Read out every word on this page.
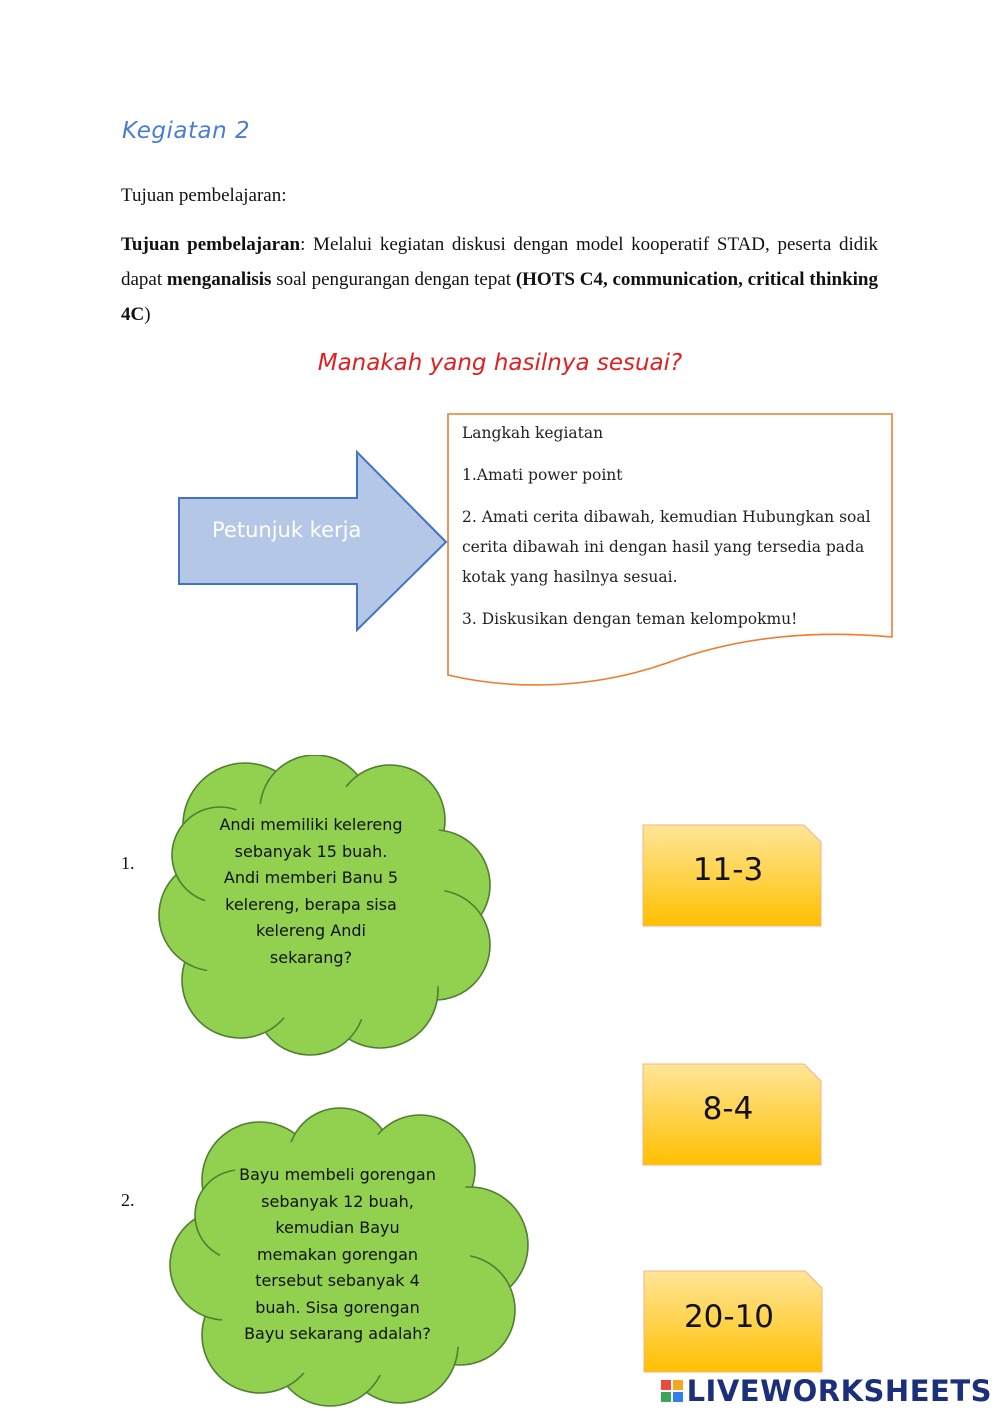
Kegiatan 2
Tujuan pembelajaran:
Tujuan pembelajaran: Melalui kegiatan diskusi dengan model kooperatif STAD, peserta didik dapat menganalisis soal pengurangan dengan tepat (HOTS C4, communication, critical thinking 4C)
Manakah yang hasilnya sesuai?
Petunjuk kerja
Langkah kegiatan
1.Amati power point
2. Amati cerita dibawah, kemudian Hubungkan soal cerita dibawah ini dengan hasil yang tersedia pada kotak yang hasilnya sesuai.
3. Diskusikan dengan teman kelompokmu!
1.
Andi memiliki kelereng
sebanyak 15 buah.
Andi memberi Banu 5
kelereng, berapa sisa
kelereng Andi
sekarang?
2.
Bayu membeli gorengan
sebanyak 12 buah,
kemudian Bayu
memakan gorengan
tersebut sebanyak 4
buah. Sisa gorengan
Bayu sekarang adalah?
11-3
8-4
20-10
LIVEWORKSHEETS
